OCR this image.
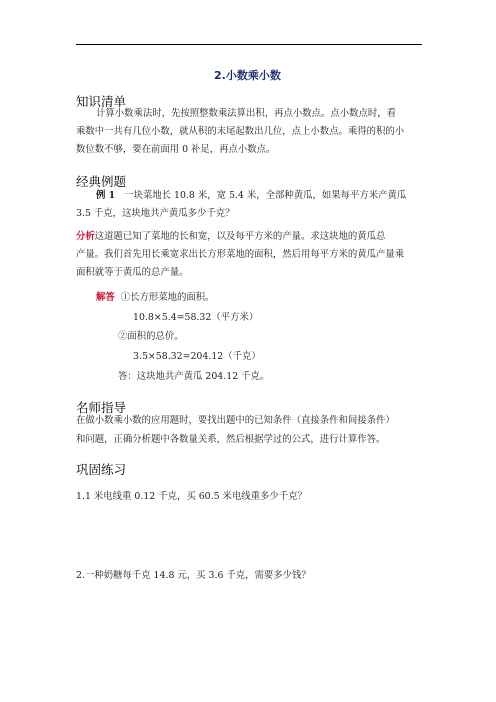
2.小数乘小数
知识清单
计算小数乘法时，先按照整数乘法算出积，再点小数点。点小数点时，看
乘数中一共有几位小数，就从积的末尾起数出几位，点上小数点。乘得的积的小
数位数不够，要在前面用 0 补足，再点小数点。
经典例题
例 1 一块菜地长 10.8 米，宽 5.4 米，全部种黄瓜，如果每平方米产黄瓜
3.5 千克，这块地共产黄瓜多少千克？
分析这道题已知了菜地的长和宽，以及每平方米的产量。求这块地的黄瓜总
产量。我们首先用长乘宽求出长方形菜地的面积，然后用每平方米的黄瓜产量乘
面积就等于黄瓜的总产量。
解答 ①长方形菜地的面积。
10.8×5.4=58.32（平方米）
②面积的总价。
3.5×58.32=204.12（千克）
答：这块地共产黄瓜 204.12 千克。
名师指导
在做小数乘小数的应用题时，要找出题中的已知条件（直接条件和间接条件）
和问题，正确分析题中各数量关系，然后根据学过的公式，进行计算作答。
巩固练习
1.1 米电线重 0.12 千克，买 60.5 米电线重多少千克？
2.一种奶糖每千克 14.8 元，买 3.6 千克，需要多少钱？
